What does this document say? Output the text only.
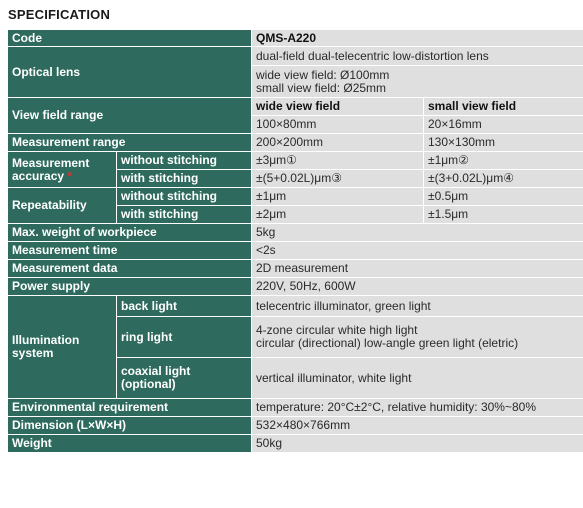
SPECIFICATION
Code		QMS-A220	
Optical lens		dual-field dual-telecentric low-distortion lens	

		wide view field: Ø100mm
small view field: Ø25mm	

View field range		wide view field	small view field
		100×80mm	20×16mm
Measurement range		200×200mm	130×130mm

Measurement
accuracy *	without stitching	±3μm①	±1μm②
	with stitching	±(5+0.02L)μm③	±(3+0.02L)μm④
Repeatability	without stitching	±1μm	±0.5μm
	with stitching	±2μm	±1.5μm
Max. weight of workpiece		5kg	
Measurement time		<2s	
Measurement data		2D measurement	
Power supply		220V, 50Hz, 600W	

Illumination
system	back light	telecentric illuminator, green light	
	ring light	4-zone circular white high light
circular (directional) low-angle green light (eletric)	

	coaxial light
(optional)	vertical illuminator, white light	
Environmental requirement		temperature: 20°C±2°C, relative humidity: 30%~80%	
Dimension (L×W×H)		532×480×766mm	
Weight		50kg	
